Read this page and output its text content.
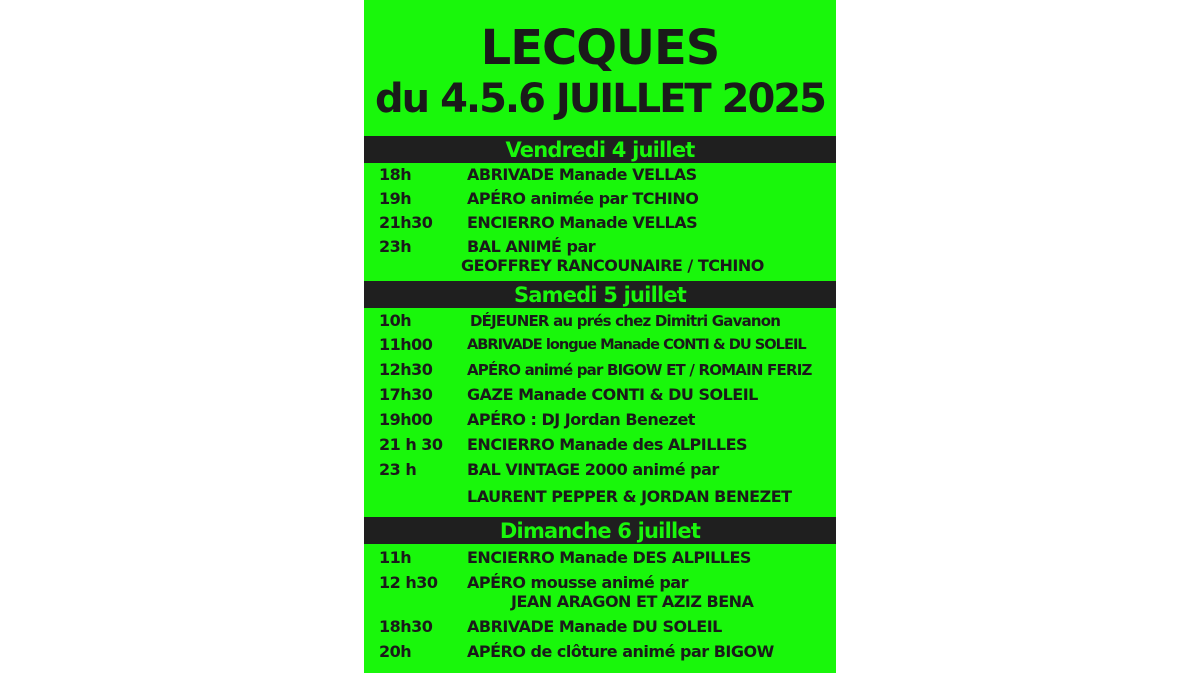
LECQUES
du 4.5.6 JUILLET 2025
Vendredi 4 juillet
18h	ABRIVADE Manade VELLAS
19h	APÉRO animée par TCHINO
21h30 ENCIERRO Manade VELLAS
23h	BAL ANIMÉ par
GEOFFREY RANCOUNAIRE / TCHINO
Samedi 5 juillet
10h	DÉJEUNER au prés chez Dimitri Gavanon
11h00 ABRIVADE longue Manade CONTI & DU SOLEIL
12h30 APÉRO animé par BIGOW ET / ROMAIN FERIZ
17h30 GAZE Manade CONTI & DU SOLEIL
19h00 APÉRO : DJ Jordan Benezet
21 h 30 ENCIERRO Manade des ALPILLES
23 h	BAL VINTAGE 2000 animé par
LAURENT PEPPER & JORDAN BENEZET
Dimanche 6 juillet
11h	ENCIERRO Manade DES ALPILLES
12 h30 APÉRO mousse animé par
JEAN ARAGON ET AZIZ BENA
18h30 ABRIVADE Manade DU SOLEIL
20h	APÉRO de clôture animé par BIGOW
